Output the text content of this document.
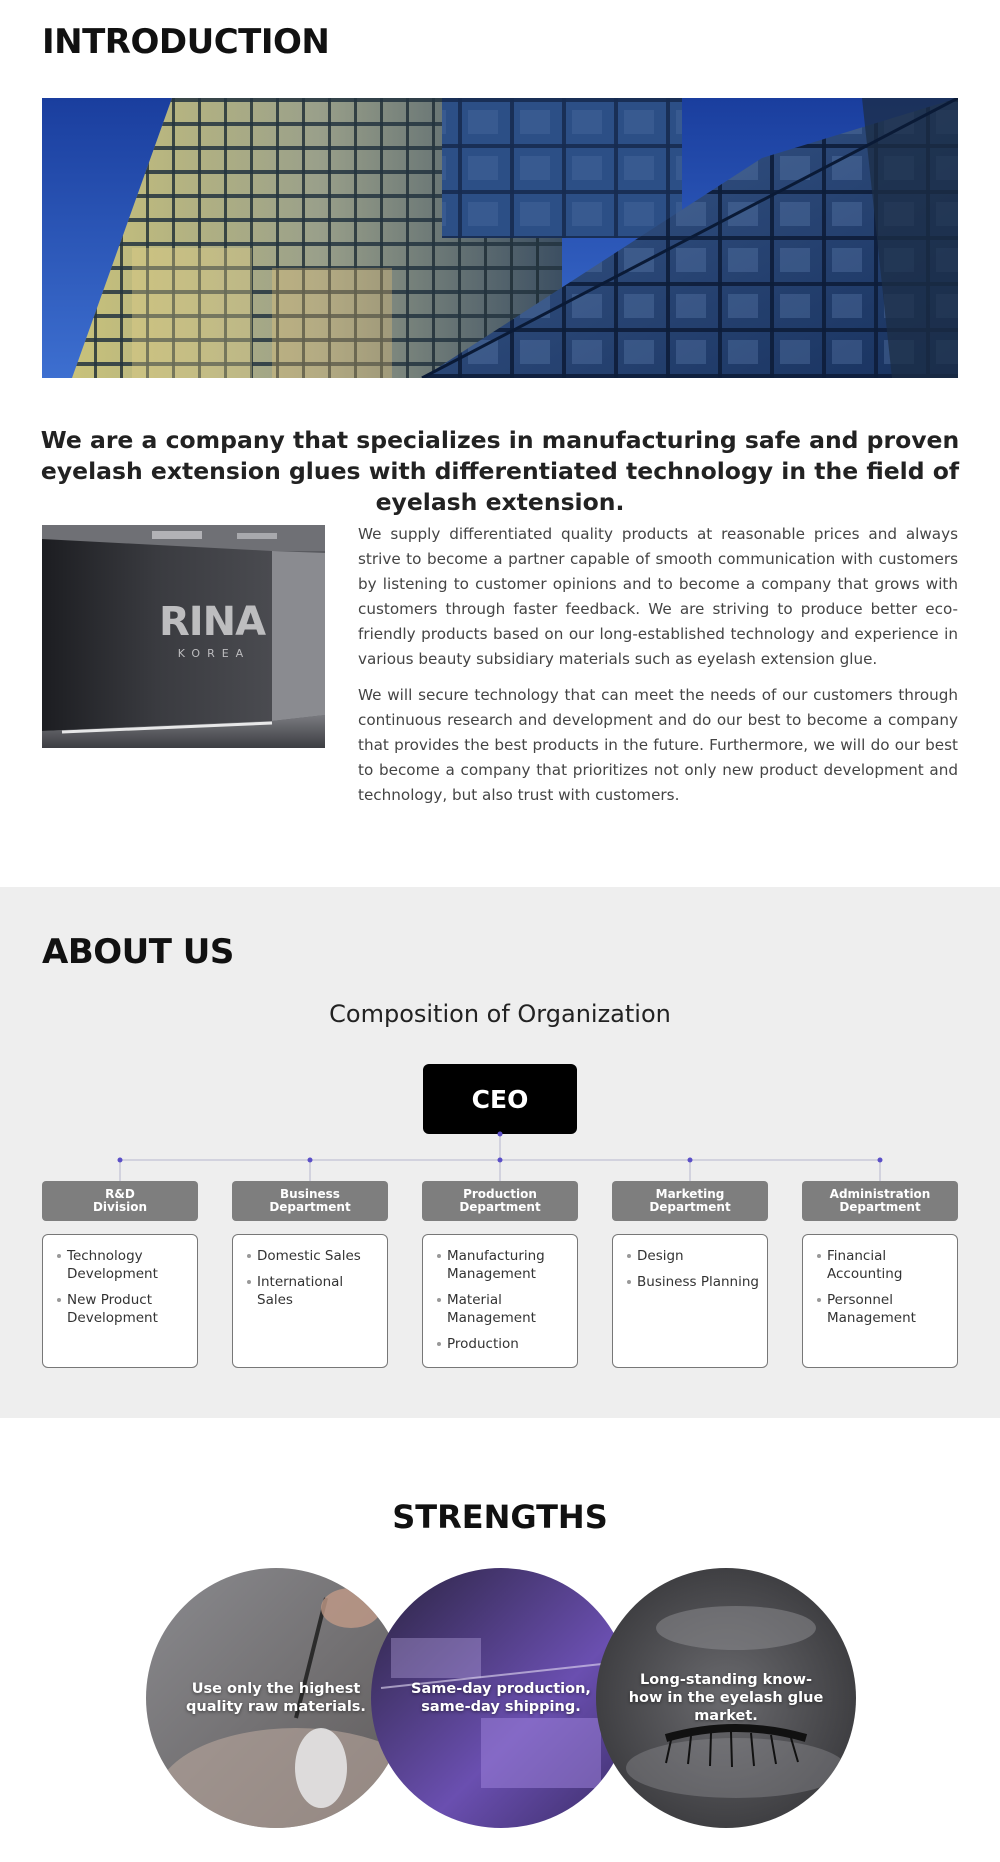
INTRODUCTION
We are a company that specializes in manufacturing safe and proven eyelash extension glues with differentiated technology in the field of eyelash extension.
RINA
KOREA

We supply differentiated quality products at reasonable prices and always strive to become a partner capable of smooth communication with customers by listening to customer opinions and to become a company that grows with customers through faster feedback. We are striving to produce better eco-friendly products based on our long-established technology and experience in various beauty subsidiary materials such as eyelash extension glue.

We will secure technology that can meet the needs of our customers through continuous research and development and do our best to become a company that provides the best products in the future. Furthermore, we will do our best to become a company that prioritizes not only new product development and technology, but also trust with customers.

ABOUT US
Composition of Organization
CEO
R&D
Division
Technology Development
New Product Development
Business
Department
Domestic Sales
International Sales
Production
Department
Manufacturing Management
Material Management
Production
Marketing
Department
Design
Business Planning
Administration
Department
Financial Accounting
Personnel Management
STRENGTHS
Use only the highest quality raw materials.
Same-day production, same-day shipping.
Long-standing know-how in the eyelash glue market.
